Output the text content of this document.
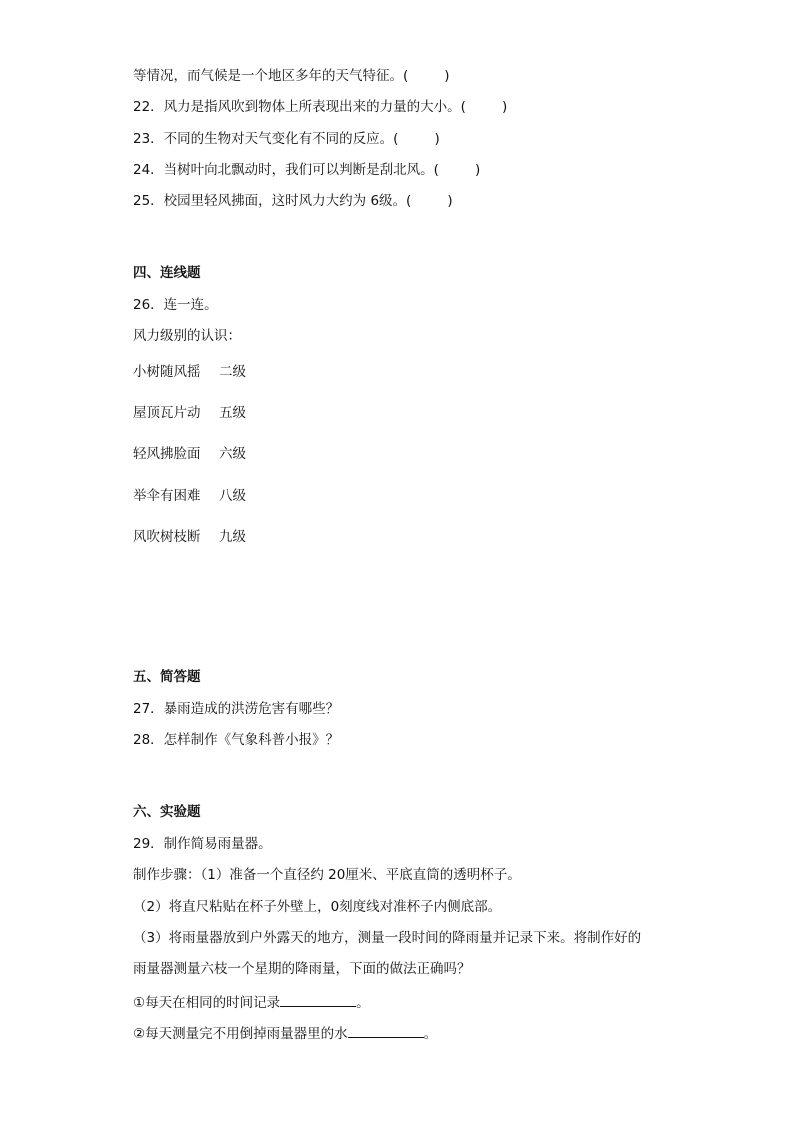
等情况，而气候是一个地区多年的天气特征。(	)
22．风力是指风吹到物体上所表现出来的力量的大小。(	)
23．不同的生物对天气变化有不同的反应。(	)
24．当树叶向北飘动时，我们可以判断是刮北风。(	)
25．校园里轻风拂面，这时风力大约为 6级。(	)
四、连线题
26．连一连。
风力级别的认识：
小树随风摇 二级
屋顶瓦片动 五级
轻风拂脸面 六级
举伞有困难 八级
风吹树枝断 九级
五、简答题
27．暴雨造成的洪涝危害有哪些？
28．怎样制作《气象科普小报》？
六、实验题
29．制作简易雨量器。
制作步骤：（1）准备一个直径约 20厘米、平底直筒的透明杯子。
（2）将直尺粘贴在杯子外壁上，0刻度线对准杯子内侧底部。
（3）将雨量器放到户外露天的地方，测量一段时间的降雨量并记录下来。将制作好的
雨量器测量六枝一个星期的降雨量，下面的做法正确吗？
①每天在相同的时间记录	。
②每天测量完不用倒掉雨量器里的水	。
